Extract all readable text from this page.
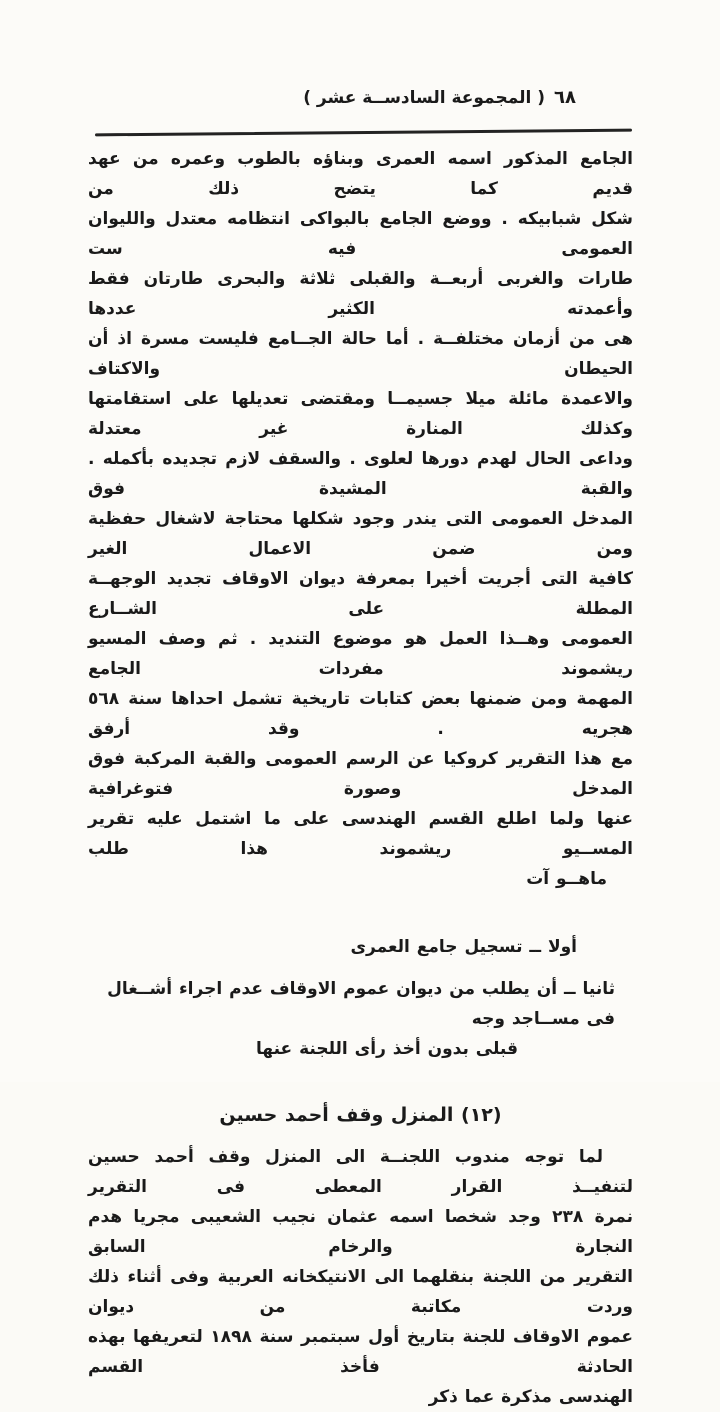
( المجموعة السادســة عشر ) ٦٨
الجامع المذكور اسمه العمرى وبناؤه بالطوب وعمره من عهد قديم كما يتضح ذلك من
شكل شبابيكه . ووضع الجامع بالبواكى انتظامه معتدل والليوان العمومى فيه ست
طارات والغربى أربعــة والقبلى ثلاثة والبحرى طارتان فقط وأعمدته الكثير عددها
هى من أزمان مختلفــة . أما حالة الجــامع فليست مسرة اذ أن الحيطان والاكتاف
والاعمدة مائلة ميلا جسيمــا ومقتضى تعديلها على استقامتها وكذلك المنارة غير معتدلة
وداعى الحال لهدم دورها لعلوى . والسقف لازم تجديده بأكمله . والقبة المشيدة فوق
المدخل العمومى التى يندر وجود شكلها محتاجة لاشغال حفظية ومن ضمن الاعمال الغير
كافية التى أجريت أخيرا بمعرفة ديوان الاوقاف تجديد الوجهــة المطلة على الشــارع
العمومى وهــذا العمل هو موضوع التنديد . ثم وصف المسيو ريشموند مفردات الجامع
المهمة ومن ضمنها بعض كتابات تاريخية تشمل احداها سنة ٥٦٨ هجريه . وقد أرفق
مع هذا التقرير كروكيا عن الرسم العمومى والقبة المركبة فوق المدخل وصورة فتوغرافية
عنها ولما اطلع القسم الهندسى على ما اشتمل عليه تقرير المســيو ريشموند هذا طلب
ماهــو آت
أولا ــ تسجيل جامع العمرى
ثانيا ــ أن يطلب من ديوان عموم الاوقاف عدم اجراء أشــغال فى مســاجد وجه
قبلى بدون أخذ رأى اللجنة عنها
(١٢) المنزل وقف أحمد حسين
لما توجه مندوب اللجنــة الى المنزل وقف أحمد حسين لتنفيــذ القرار المعطى فى التقرير
نمرة ٢٣٨ وجد شخصا اسمه عثمان نجيب الشعيبى مجريا هدم النجارة والرخام السابق
التقرير من اللجنة بنقلهما الى الانتيكخانه العربية وفى أثناء ذلك وردت مكاتبة من ديوان
عموم الاوقاف للجنة بتاريخ أول سبتمبر سنة ١٨٩٨ لتعريفها بهذه الحادثة فأخذ القسم
الهندسى مذكرة عما ذكر
